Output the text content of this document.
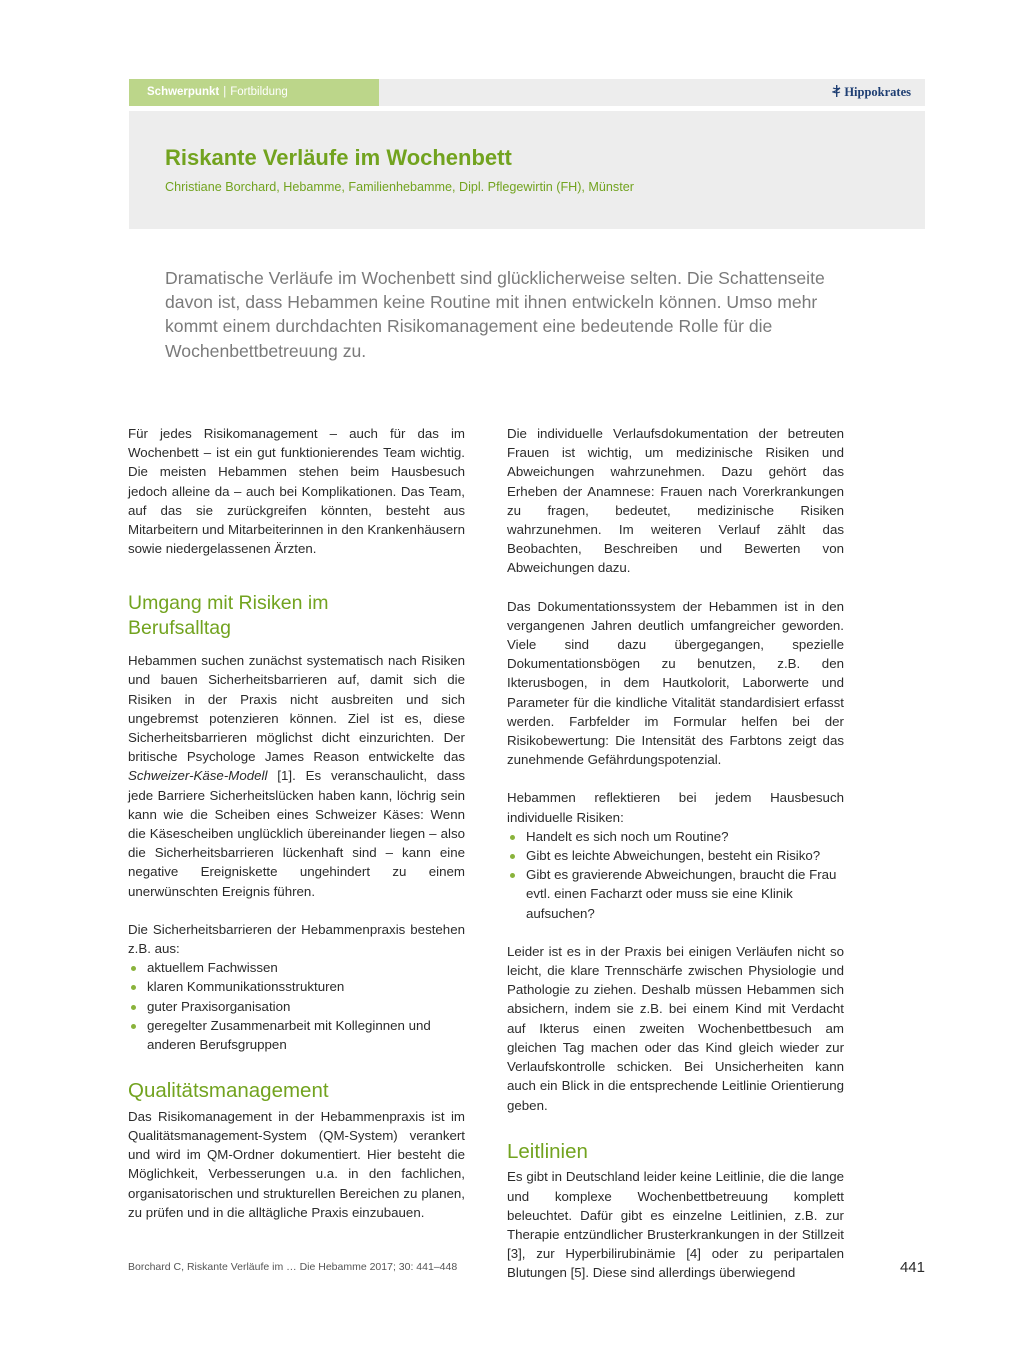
Schwerpunkt | Fortbildung	Hippokrates
Riskante Verläufe im Wochenbett

Christiane Borchard, Hebamme, Familienhebamme, Dipl. Pflegewirtin (FH), Münster

Dramatische Verläufe im Wochenbett sind glücklicherweise selten. Die Schattenseite davon ist, dass Hebammen keine Routine mit ihnen entwickeln können. Umso mehr kommt einem durchdachten Risikomanagement eine bedeutende Rolle für die Wochenbettbetreuung zu.

Für jedes Risikomanagement – auch für das im Wochenbett – ist ein gut funktionierendes Team wichtig. Die meisten Hebammen stehen beim Hausbesuch jedoch alleine da – auch bei Komplikationen. Das Team, auf das sie zurückgreifen könnten, besteht aus Mitarbeitern und Mitarbeiterinnen in den Krankenhäusern sowie niedergelassenen Ärzten.

Umgang mit Risiken im
Berufsalltag

Hebammen suchen zunächst systematisch nach Risiken und bauen Sicherheitsbarrieren auf, damit sich die Risiken in der Praxis nicht ausbreiten und sich ungebremst potenzieren können. Ziel ist es, diese Sicherheitsbarrieren möglichst dicht einzurichten. Der britische Psychologe James Reason entwickelte das Schweizer-Käse-Modell [1]. Es veranschaulicht, dass jede Barriere Sicherheitslücken haben kann, löchrig sein kann wie die Scheiben eines Schweizer Käses: Wenn die Käsescheiben unglücklich übereinander liegen – also die Sicherheitsbarrieren lückenhaft sind – kann eine negative Ereigniskette ungehindert zu einem unerwünschten Ereignis führen.

Die Sicherheitsbarrieren der Hebammenpraxis bestehen z.B. aus:

aktuellem Fachwissen
klaren Kommunikationsstrukturen
guter Praxisorganisation
geregelter Zusammenarbeit mit Kolleginnen und anderen Berufsgruppen
Qualitätsmanagement

Das Risikomanagement in der Hebammenpraxis ist im Qualitätsmanagement-System (QM-System) verankert und wird im QM-Ordner dokumentiert. Hier besteht die Möglichkeit, Verbesserungen u.a. in den fachlichen, organisatorischen und strukturellen Bereichen zu planen, zu prüfen und in die alltägliche Praxis einzubauen.

Die individuelle Verlaufsdokumentation der betreuten Frauen ist wichtig, um medizinische Risiken und Abweichungen wahrzunehmen. Dazu gehört das Erheben der Anamnese: Frauen nach Vorerkrankungen zu fragen, bedeutet, medizinische Risiken wahrzunehmen. Im weiteren Verlauf zählt das Beobachten, Beschreiben und Bewerten von Abweichungen dazu.

Das Dokumentationssystem der Hebammen ist in den vergangenen Jahren deutlich umfangreicher geworden. Viele sind dazu übergegangen, spezielle Dokumentationsbögen zu benutzen, z.B. den Ikterusbogen, in dem Hautkolorit, Laborwerte und Parameter für die kindliche Vitalität standardisiert erfasst werden. Farbfelder im Formular helfen bei der Risikobewertung: Die Intensität des Farbtons zeigt das zunehmende Gefährdungspotenzial.

Hebammen reflektieren bei jedem Hausbesuch individuelle Risiken:

Handelt es sich noch um Routine?
Gibt es leichte Abweichungen, besteht ein Risiko?
Gibt es gravierende Abweichungen, braucht die Frau evtl. einen Facharzt oder muss sie eine Klinik aufsuchen?

Leider ist es in der Praxis bei einigen Verläufen nicht so leicht, die klare Trennschärfe zwischen Physiologie und Pathologie zu ziehen. Deshalb müssen Hebammen sich absichern, indem sie z.B. bei einem Kind mit Verdacht auf Ikterus einen zweiten Wochenbettbesuch am gleichen Tag machen oder das Kind gleich wieder zur Verlaufskontrolle schicken. Bei Unsicherheiten kann auch ein Blick in die entsprechende Leitlinie Orientierung geben.

Leitlinien

Es gibt in Deutschland leider keine Leitlinie, die die lange und komplexe Wochenbettbetreuung komplett beleuchtet. Dafür gibt es einzelne Leitlinien, z.B. zur Therapie entzündlicher Brusterkrankungen in der Stillzeit [3], zur Hyperbilirubinämie [4] oder zu peripartalen Blutungen [5]. Diese sind allerdings überwiegend

Borchard C, Riskante Verläufe im … Die Hebamme 2017; 30: 441–448	441
